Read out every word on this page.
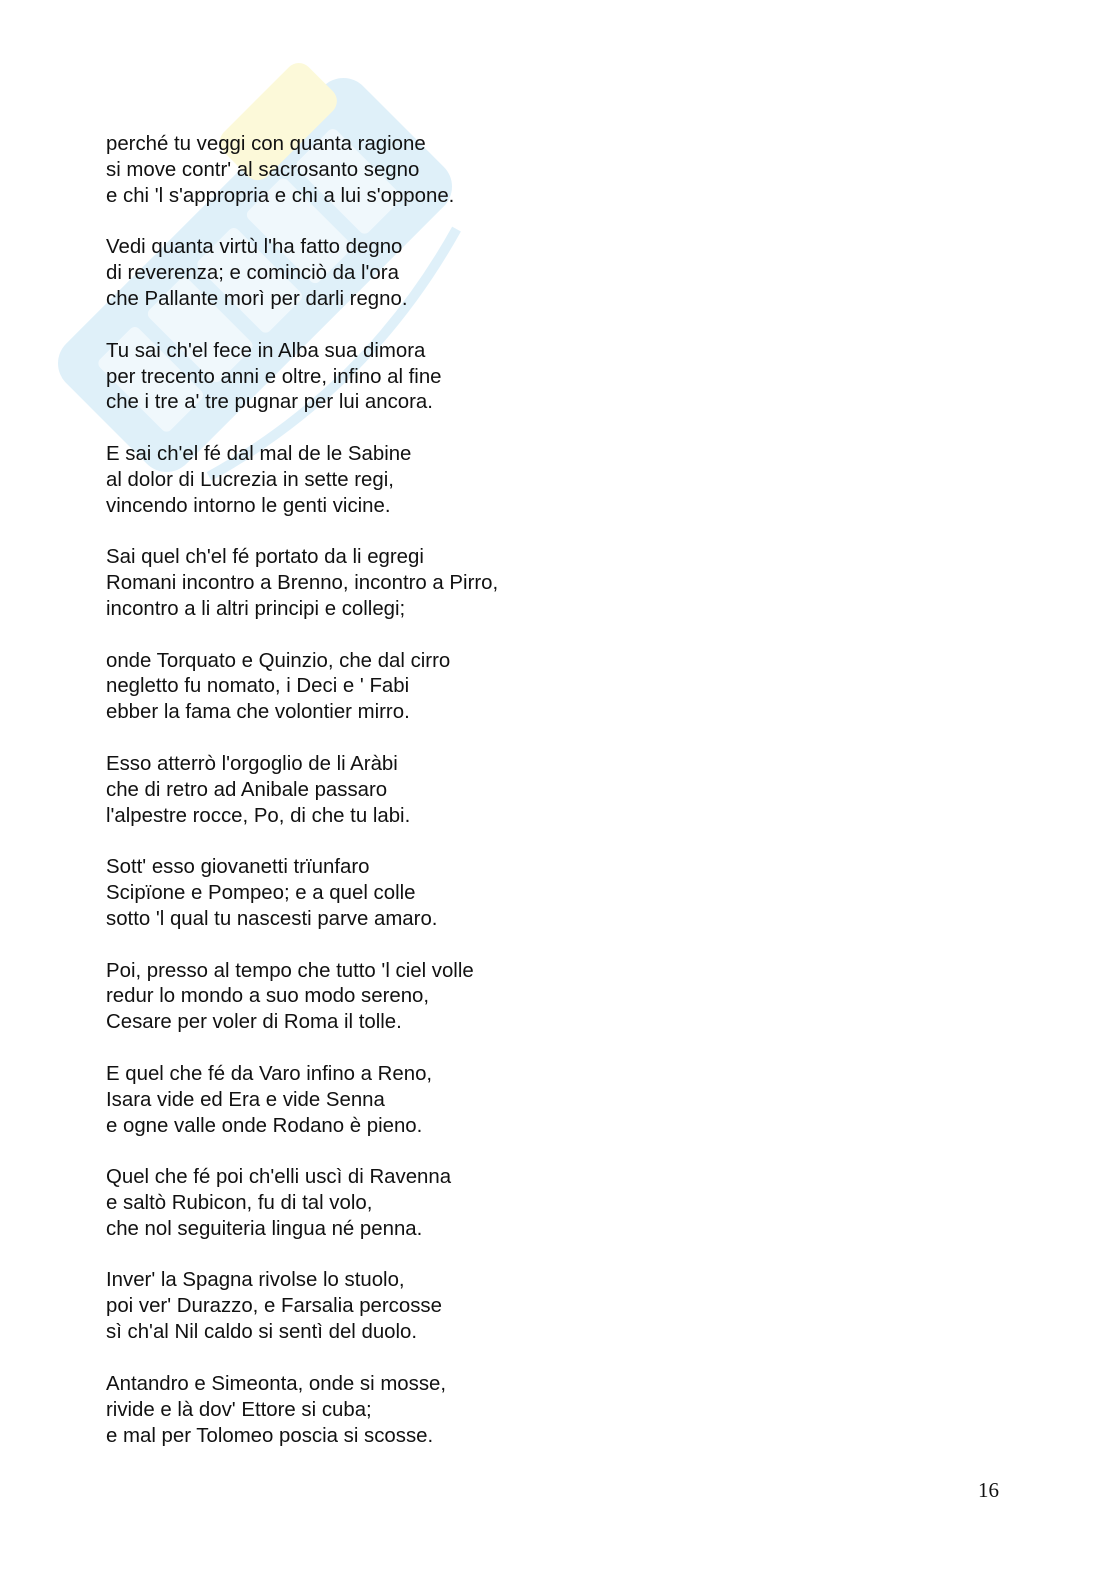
perché tu veggi con quanta ragione
si move contr' al sacrosanto segno
e chi 'l s'appropria e chi a lui s'oppone.
Vedi quanta virtù l'ha fatto degno
di reverenza; e cominciò da l'ora
che Pallante morì per darli regno.
Tu sai ch'el fece in Alba sua dimora
per trecento anni e oltre, infino al fine
che i tre a' tre pugnar per lui ancora.
E sai ch'el fé dal mal de le Sabine
al dolor di Lucrezia in sette regi,
vincendo intorno le genti vicine.
Sai quel ch'el fé portato da li egregi
Romani incontro a Brenno, incontro a Pirro,
incontro a li altri principi e collegi;
onde Torquato e Quinzio, che dal cirro
negletto fu nomato, i Deci e ' Fabi
ebber la fama che volontier mirro.
Esso atterrò l'orgoglio de li Aràbi
che di retro ad Anibale passaro
l'alpestre rocce, Po, di che tu labi.
Sott' esso giovanetti trïunfaro
Scipïone e Pompeo; e a quel colle
sotto 'l qual tu nascesti parve amaro.
Poi, presso al tempo che tutto 'l ciel volle
redur lo mondo a suo modo sereno,
Cesare per voler di Roma il tolle.
E quel che fé da Varo infino a Reno,
Isara vide ed Era e vide Senna
e ogne valle onde Rodano è pieno.
Quel che fé poi ch'elli uscì di Ravenna
e saltò Rubicon, fu di tal volo,
che nol seguiteria lingua né penna.
Inver' la Spagna rivolse lo stuolo,
poi ver' Durazzo, e Farsalia percosse
sì ch'al Nil caldo si sentì del duolo.
Antandro e Simeonta, onde si mosse,
rivide e là dov' Ettore si cuba;
e mal per Tolomeo poscia si scosse.
16
